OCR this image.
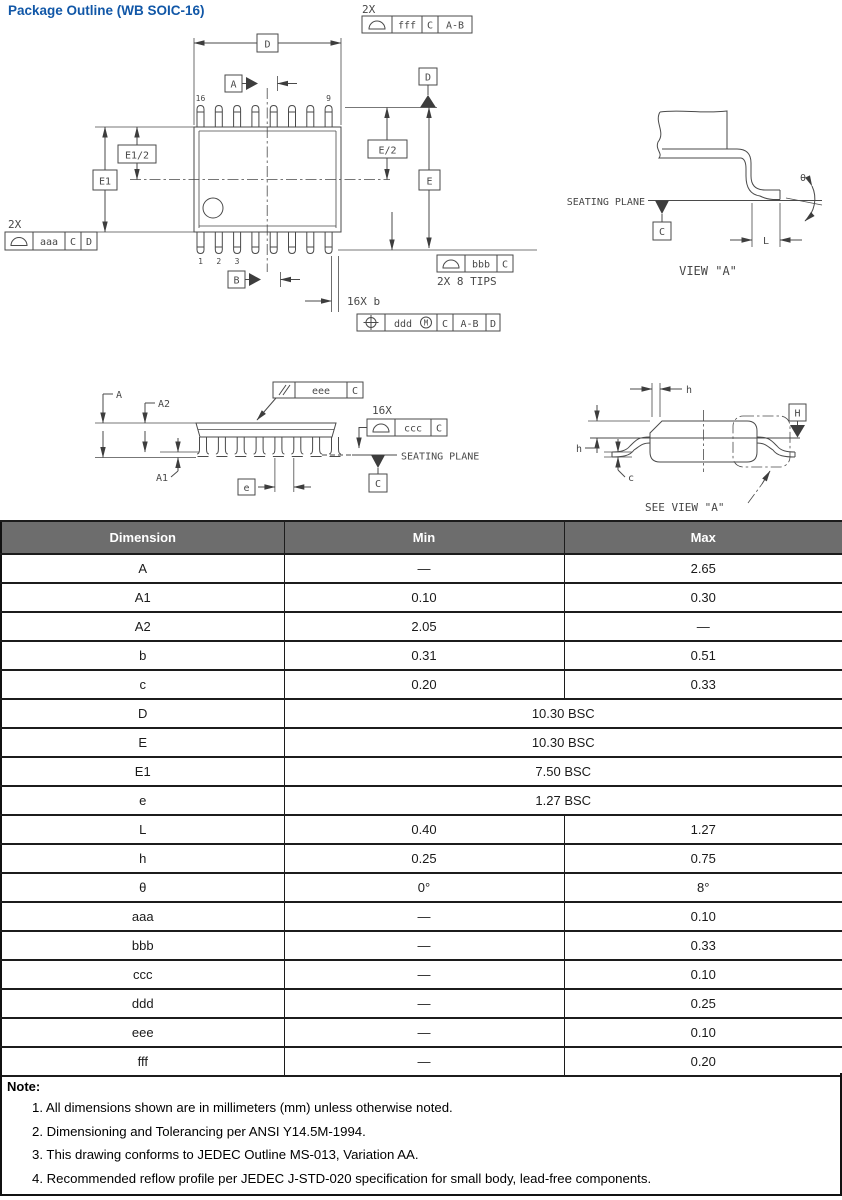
Package Outline (WB SOIC-16)
16	9
1 2 3
D
2X
fff C A-B
A
B
E1
E1/2
2X
aaa C D
D
E/2
E
bbb C
2X 8 TIPS
16X b
ddd M C A-B D
SEATING PLANE
C
L
θ
VIEW "A"
SEATING PLANE
C
A
A2
A1
e
eee C
16X
ccc C
h
h
c
H
SEE VIEW "A"
Dimension	Min	Max
A	—	2.65
A1	0.10	0.30
A2	2.05	—
b	0.31	0.51
c	0.20	0.33
D	10.30 BSC	
E	10.30 BSC	
E1	7.50 BSC	
e	1.27 BSC	
L	0.40	1.27
h	0.25	0.75
θ	0°	8°
aaa	—	0.10
bbb	—	0.33
ccc	—	0.10
ddd	—	0.25
eee	—	0.10
fff	—	0.20
Note:
1. All dimensions shown are in millimeters (mm) unless otherwise noted.
2. Dimensioning and Tolerancing per ANSI Y14.5M-1994.
3. This drawing conforms to JEDEC Outline MS-013, Variation AA.
4. Recommended reflow profile per JEDEC J-STD-020 specification for small body, lead-free components.
